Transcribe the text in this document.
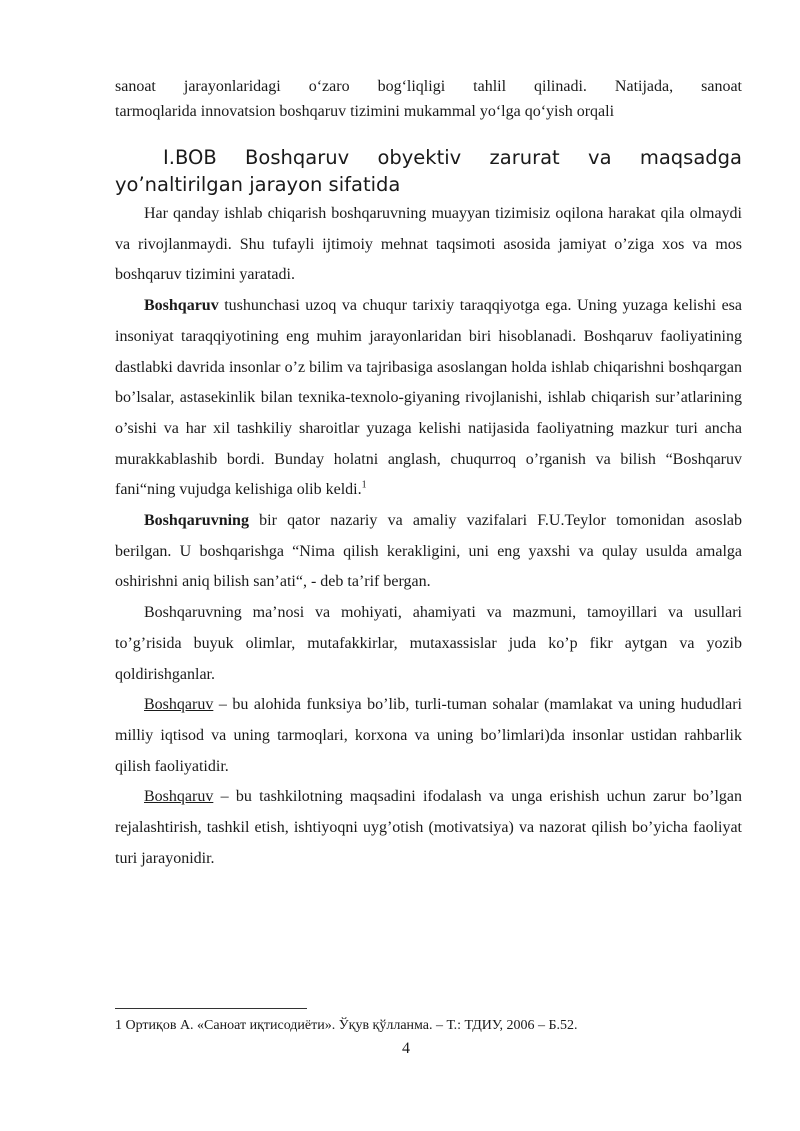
sanoat jarayonlaridagi o‘zaro bog‘liqligi tahlil qilinadi. Natijada, sanoat

tarmoqlarida innovatsion boshqaruv tizimini mukammal yo‘lga qo‘yish orqali

I.BOB Boshqaruv obyektiv zarurat va maqsadga yo’naltirilgan jarayon sifatida

Har qanday ishlab chiqarish boshqaruvning muayyan tizimisiz oqilona harakat qila olmaydi va rivojlanmaydi. Shu tufayli ijtimoiy mehnat taqsimoti asosida jamiyat o’ziga xos va mos boshqaruv tizimini yaratadi.

Boshqaruv tushunchasi uzoq va chuqur tarixiy taraqqiyotga ega. Uning yuzaga kelishi esa insoniyat taraqqiyotining eng muhim jarayonlaridan biri hisoblanadi. Boshqaruv faoliyatining dastlabki davrida insonlar o’z bilim va tajribasiga asoslangan holda ishlab chiqarishni boshqargan bo’lsalar, astasekinlik bilan texnika-texnolo-giyaning rivojlanishi, ishlab chiqarish sur’atlarining o’sishi va har xil tashkiliy sharoitlar yuzaga kelishi natijasida faoliyatning mazkur turi ancha murakkablashib bordi. Bunday holatni anglash, chuqurroq o’rganish va bilish “Boshqaruv fani“ning vujudga kelishiga olib keldi.$^1$

Boshqaruvning bir qator nazariy va amaliy vazifalari F.U.Teylor tomonidan asoslab berilgan. U boshqarishga “Nima qilish kerakligini, uni eng yaxshi va qulay usulda amalga oshirishni aniq bilish san’ati“, - deb ta’rif bergan.

Boshqaruvning ma’nosi va mohiyati, ahamiyati va mazmuni, tamoyillari va usullari to’g’risida buyuk olimlar, mutafakkirlar, mutaxassislar juda ko’p fikr aytgan va yozib qoldirishganlar.

Boshqaruv – bu alohida funksiya bo’lib, turli-tuman sohalar (mamlakat va uning hududlari milliy iqtisod va uning tarmoqlari, korxona va uning bo’limlari)da insonlar ustidan rahbarlik qilish faoliyatidir.

Boshqaruv – bu tashkilotning maqsadini ifodalash va unga erishish uchun zarur bo’lgan rejalashtirish, tashkil etish, ishtiyoqni uyg’otish (motivatsiya) va nazorat qilish bo’yicha faoliyat turi jarayonidir.

1 Ортиқов А. «Саноат иқтисодиёти». Ўқув қўлланма. – Т.: ТДИУ, 2006 – Б.52.
4
